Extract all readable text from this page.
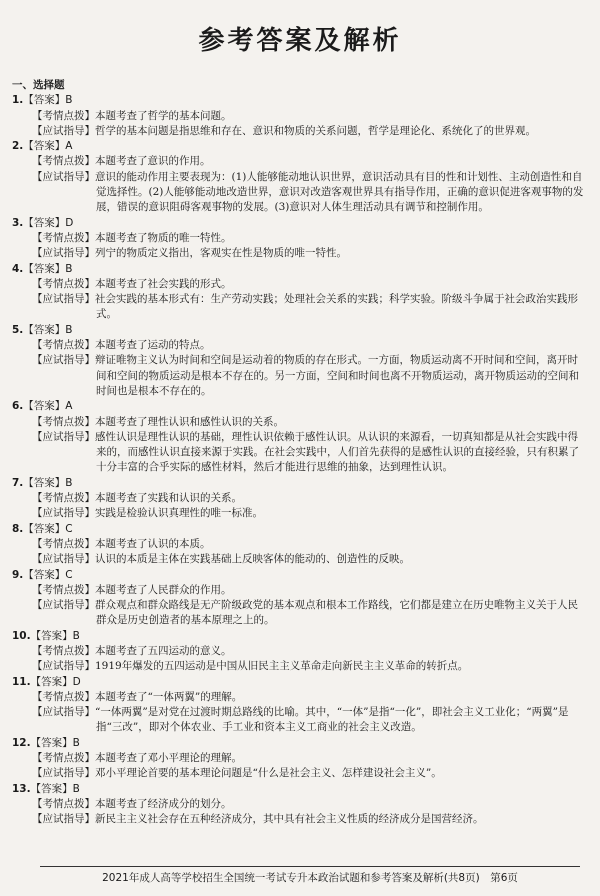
参考答案及解析
一、选择题
1.【答案】B
【考情点拨】本题考查了哲学的基本问题。
【应试指导】哲学的基本问题是指思维和存在、意识和物质的关系问题，哲学是理论化、系统化了的世界观。
2.【答案】A
【考情点拨】本题考查了意识的作用。
【应试指导】意识的能动作用主要表现为：(1)人能够能动地认识世界，意识活动具有目的性和计划性、主动创造性和自觉选择性。(2)人能够能动地改造世界，意识对改造客观世界具有指导作用，正确的意识促进客观事物的发展，错误的意识阻碍客观事物的发展。(3)意识对人体生理活动具有调节和控制作用。
3.【答案】D
【考情点拨】本题考查了物质的唯一特性。
【应试指导】列宁的物质定义指出，客观实在性是物质的唯一特性。
4.【答案】B
【考情点拨】本题考查了社会实践的形式。
【应试指导】社会实践的基本形式有：生产劳动实践；处理社会关系的实践；科学实验。阶级斗争属于社会政治实践形式。
5.【答案】B
【考情点拨】本题考查了运动的特点。
【应试指导】辩证唯物主义认为时间和空间是运动着的物质的存在形式。一方面，物质运动离不开时间和空间，离开时间和空间的物质运动是根本不存在的。另一方面，空间和时间也离不开物质运动，离开物质运动的空间和时间也是根本不存在的。
6.【答案】A
【考情点拨】本题考查了理性认识和感性认识的关系。
【应试指导】感性认识是理性认识的基础，理性认识依赖于感性认识。从认识的来源看，一切真知都是从社会实践中得来的，而感性认识直接来源于实践。在社会实践中，人们首先获得的是感性认识的直接经验，只有积累了十分丰富的合乎实际的感性材料，然后才能进行思维的抽象，达到理性认识。
7.【答案】B
【考情点拨】本题考查了实践和认识的关系。
【应试指导】实践是检验认识真理性的唯一标准。
8.【答案】C
【考情点拨】本题考查了认识的本质。
【应试指导】认识的本质是主体在实践基础上反映客体的能动的、创造性的反映。
9.【答案】C
【考情点拨】本题考查了人民群众的作用。
【应试指导】群众观点和群众路线是无产阶级政党的基本观点和根本工作路线，它们都是建立在历史唯物主义关于人民群众是历史创造者的基本原理之上的。
10.【答案】B
【考情点拨】本题考查了五四运动的意义。
【应试指导】1919年爆发的五四运动是中国从旧民主主义革命走向新民主主义革命的转折点。
11.【答案】D
【考情点拨】本题考查了“一体两翼”的理解。
【应试指导】“一体两翼”是对党在过渡时期总路线的比喻。其中，“一体”是指“一化”，即社会主义工业化；“两翼”是指“三改”，即对个体农业、手工业和资本主义工商业的社会主义改造。
12.【答案】B
【考情点拨】本题考查了邓小平理论的理解。
【应试指导】邓小平理论首要的基本理论问题是“什么是社会主义、怎样建设社会主义”。
13.【答案】B
【考情点拨】本题考查了经济成分的划分。
【应试指导】新民主主义社会存在五种经济成分，其中具有社会主义性质的经济成分是国营经济。
2021年成人高等学校招生全国统一考试专升本政治试题和参考答案及解析(共8页)　第6页
